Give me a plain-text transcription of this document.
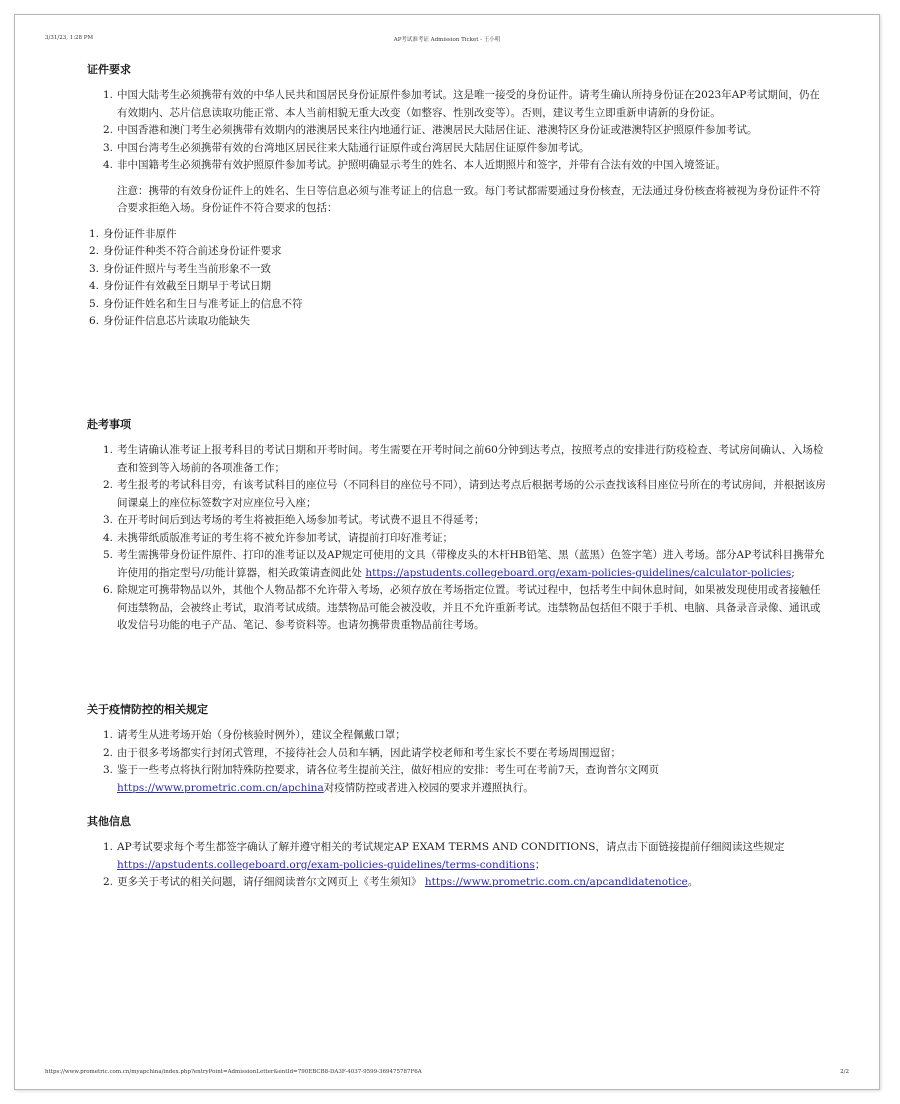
3/31/23, 1:28 PM	AP考试准考证 Admission Ticket - 王小明
证件要求
1. 中国大陆考生必须携带有效的中华人民共和国居民身份证原件参加考试。这是唯一接受的身份证件。请考生确认所持身份证在2023年AP考试期间，仍在有效期内、芯片信息读取功能正常、本人当前相貌无重大改变（如整容、性别改变等）。否则，建议考生立即重新申请新的身份证。
2. 中国香港和澳门考生必须携带有效期内的港澳居民来往内地通行证、港澳居民大陆居住证、港澳特区身份证或港澳特区护照原件参加考试。
3. 中国台湾考生必须携带有效的台湾地区居民往来大陆通行证原件或台湾居民大陆居住证原件参加考试。
4. 非中国籍考生必须携带有效护照原件参加考试。护照明确显示考生的姓名、本人近期照片和签字，并带有合法有效的中国入境签证。
注意：携带的有效身份证件上的姓名、生日等信息必须与准考证上的信息一致。每门考试都需要通过身份核查，无法通过身份核查将被视为身份证件不符合要求拒绝入场。身份证件不符合要求的包括：
1. 身份证件非原件
2. 身份证件种类不符合前述身份证件要求
3. 身份证件照片与考生当前形象不一致
4. 身份证件有效截至日期早于考试日期
5. 身份证件姓名和生日与准考证上的信息不符
6. 身份证件信息芯片读取功能缺失
赴考事项
1. 考生请确认准考证上报考科目的考试日期和开考时间。考生需要在开考时间之前60分钟到达考点，按照考点的安排进行防疫检查、考试房间确认、入场检查和签到等入场前的各项准备工作；
2. 考生报考的考试科目旁，有该考试科目的座位号（不同科目的座位号不同），请到达考点后根据考场的公示查找该科目座位号所在的考试房间，并根据该房间课桌上的座位标签数字对应座位号入座；
3. 在开考时间后到达考场的考生将被拒绝入场参加考试。考试费不退且不得延考；
4. 未携带纸质版准考证的考生将不被允许参加考试，请提前打印好准考证；
5. 考生需携带身份证件原件、打印的准考证以及AP规定可使用的文具（带橡皮头的木杆HB铅笔、黑（蓝黑）色签字笔）进入考场。部分AP考试科目携带允许使用的指定型号/功能计算器，相关政策请查阅此处 https://apstudents.collegeboard.org/exam-policies-guidelines/calculator-policies;
6. 除规定可携带物品以外，其他个人物品都不允许带入考场，必须存放在考场指定位置。考试过程中，包括考生中间休息时间，如果被发现使用或者接触任何违禁物品，会被终止考试，取消考试成绩。违禁物品可能会被没收，并且不允许重新考试。违禁物品包括但不限于手机、电脑、具备录音录像、通讯或收发信号功能的电子产品、笔记、参考资料等。也请勿携带贵重物品前往考场。
关于疫情防控的相关规定
1. 请考生从进考场开始（身份核验时例外），建议全程佩戴口罩；
2. 由于很多考场都实行封闭式管理，不接待社会人员和车辆，因此请学校老师和考生家长不要在考场周围逗留；
3. 鉴于一些考点将执行附加特殊防控要求，请各位考生提前关注，做好相应的安排：考生可在考前7天，查询普尔文网页https://www.prometric.com.cn/apchina对疫情防控或者进入校园的要求并遵照执行。
其他信息
1. AP考试要求每个考生都签字确认了解并遵守相关的考试规定AP EXAM TERMS AND CONDITIONS，请点击下面链接提前仔细阅读这些规定https://apstudents.collegeboard.org/exam-policies-guidelines/terms-conditions；
2. 更多关于考试的相关问题，请仔细阅读普尔文网页上《考生须知》 https://www.prometric.com.cn/apcandidatenotice。
https://www.prometric.com.cn/myapchina/index.php?entryPoint=AdmissionLetter&entId=790EBCB8-DA3F-4037-9599-369475787F6A	2/2
